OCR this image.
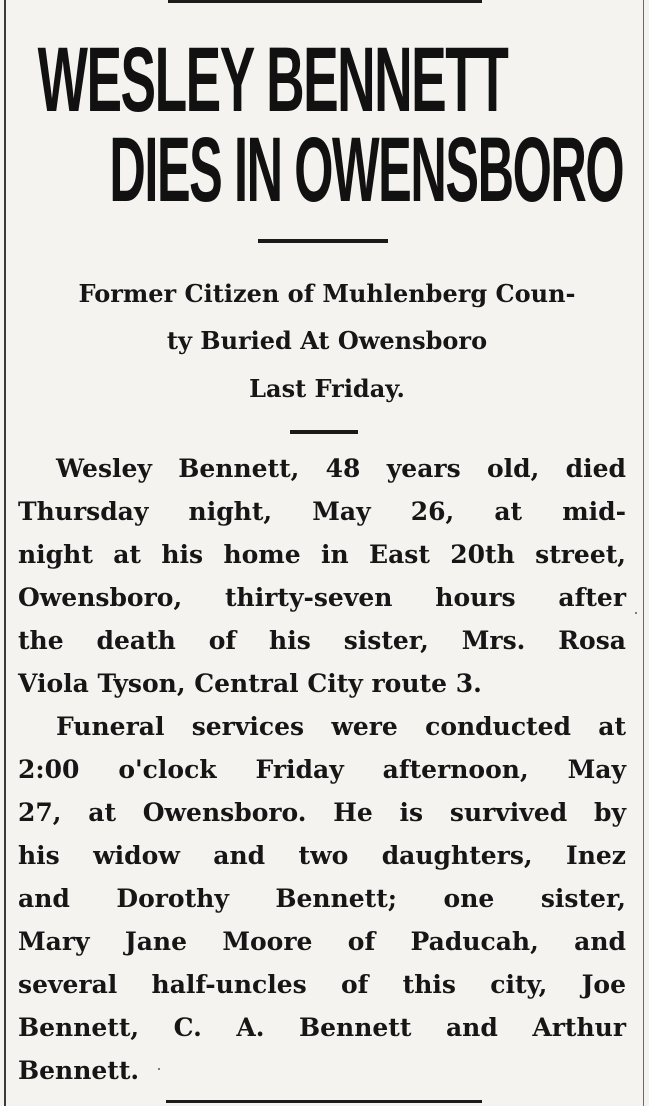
WESLEY BENNETT
DIES IN OWENSBORO
Former Citizen of Muhlenberg Coun-
ty Buried At Owensboro
Last Friday.
Wesley Bennett, 48 years old, died
Thursday night, May 26, at mid-
night at his home in East 20th street,
Owensboro, thirty-seven hours after
the death of his sister, Mrs. Rosa
Viola Tyson, Central City route 3.
Funeral services were conducted at
2:00 o'clock Friday afternoon, May
27, at Owensboro. He is survived by
his widow and two daughters, Inez
and Dorothy Bennett; one sister,
Mary Jane Moore of Paducah, and
several half-uncles of this city, Joe
Bennett, C. A. Bennett and Arthur
Bennett.
